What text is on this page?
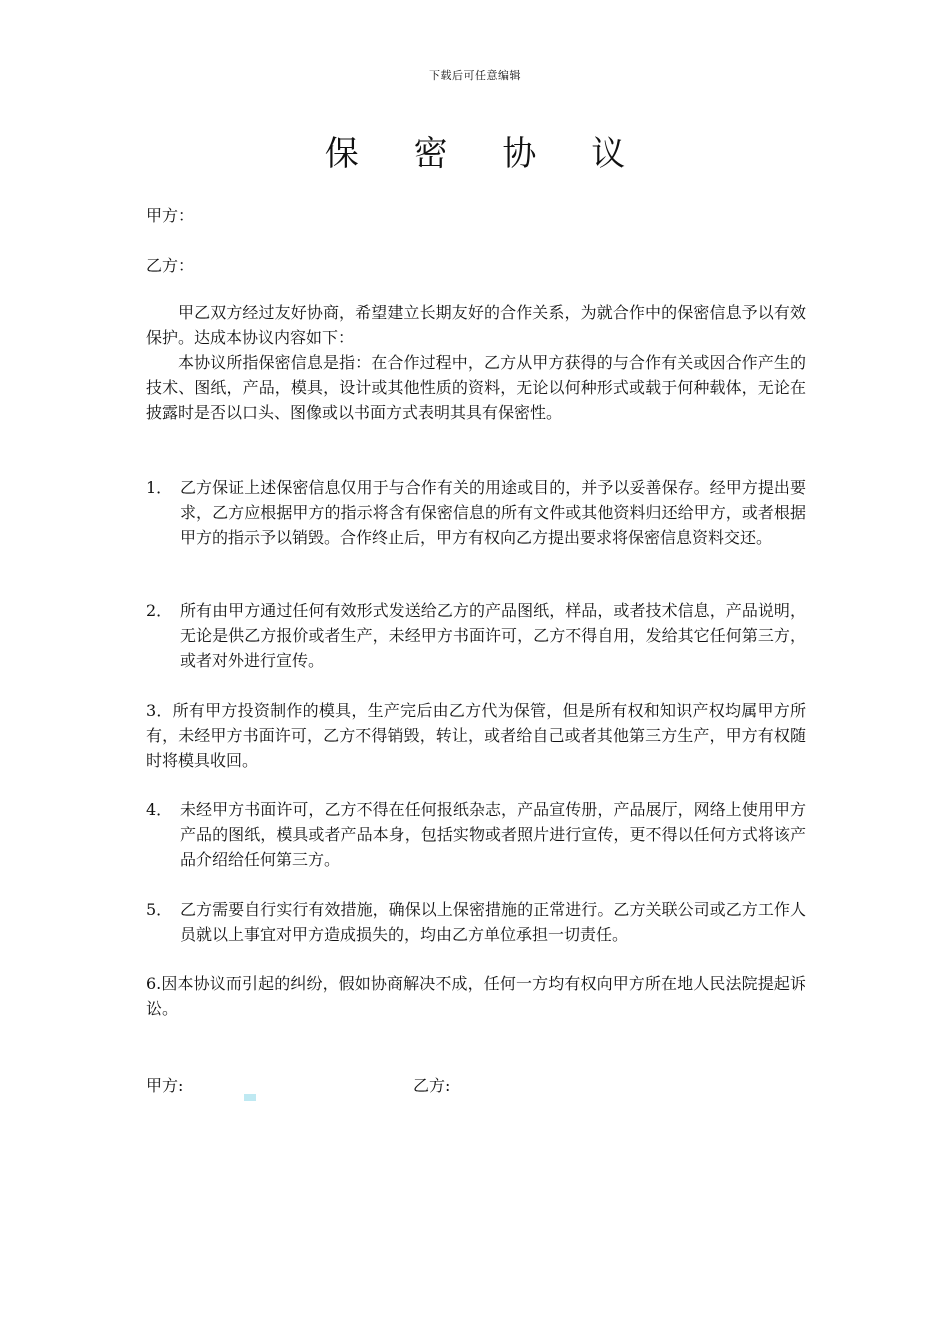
下载后可任意编辑
保 密 协 议
甲方：
乙方：

甲乙双方经过友好协商，希望建立长期友好的合作关系，为就合作中的保密信息予以有效保护。达成本协议内容如下：

本协议所指保密信息是指：在合作过程中，乙方从甲方获得的与合作有关或因合作产生的技术、图纸，产品，模具，设计或其他性质的资料，无论以何种形式或载于何种载体，无论在披露时是否以口头、图像或以书面方式表明其具有保密性。

1． 乙方保证上述保密信息仅用于与合作有关的用途或目的，并予以妥善保存。经甲方提出要求，乙方应根据甲方的指示将含有保密信息的所有文件或其他资料归还给甲方，或者根据甲方的指示予以销毁。合作终止后，甲方有权向乙方提出要求将保密信息资料交还。
2． 所有由甲方通过任何有效形式发送给乙方的产品图纸，样品，或者技术信息，产品说明，无论是供乙方报价或者生产，未经甲方书面许可，乙方不得自用，发给其它任何第三方，或者对外进行宣传。
3．所有甲方投资制作的模具，生产完后由乙方代为保管，但是所有权和知识产权均属甲方所有，未经甲方书面许可，乙方不得销毁，转让，或者给自己或者其他第三方生产，甲方有权随时将模具收回。
4． 未经甲方书面许可，乙方不得在任何报纸杂志，产品宣传册，产品展厅，网络上使用甲方产品的图纸，模具或者产品本身，包括实物或者照片进行宣传，更不得以任何方式将该产品介绍给任何第三方。
5． 乙方需要自行实行有效措施，确保以上保密措施的正常进行。乙方关联公司或乙方工作人员就以上事宜对甲方造成损失的，均由乙方单位承担一切责任。
6.因本协议而引起的纠纷，假如协商解决不成，任何一方均有权向甲方所在地人民法院提起诉讼。
甲方:	乙方:
